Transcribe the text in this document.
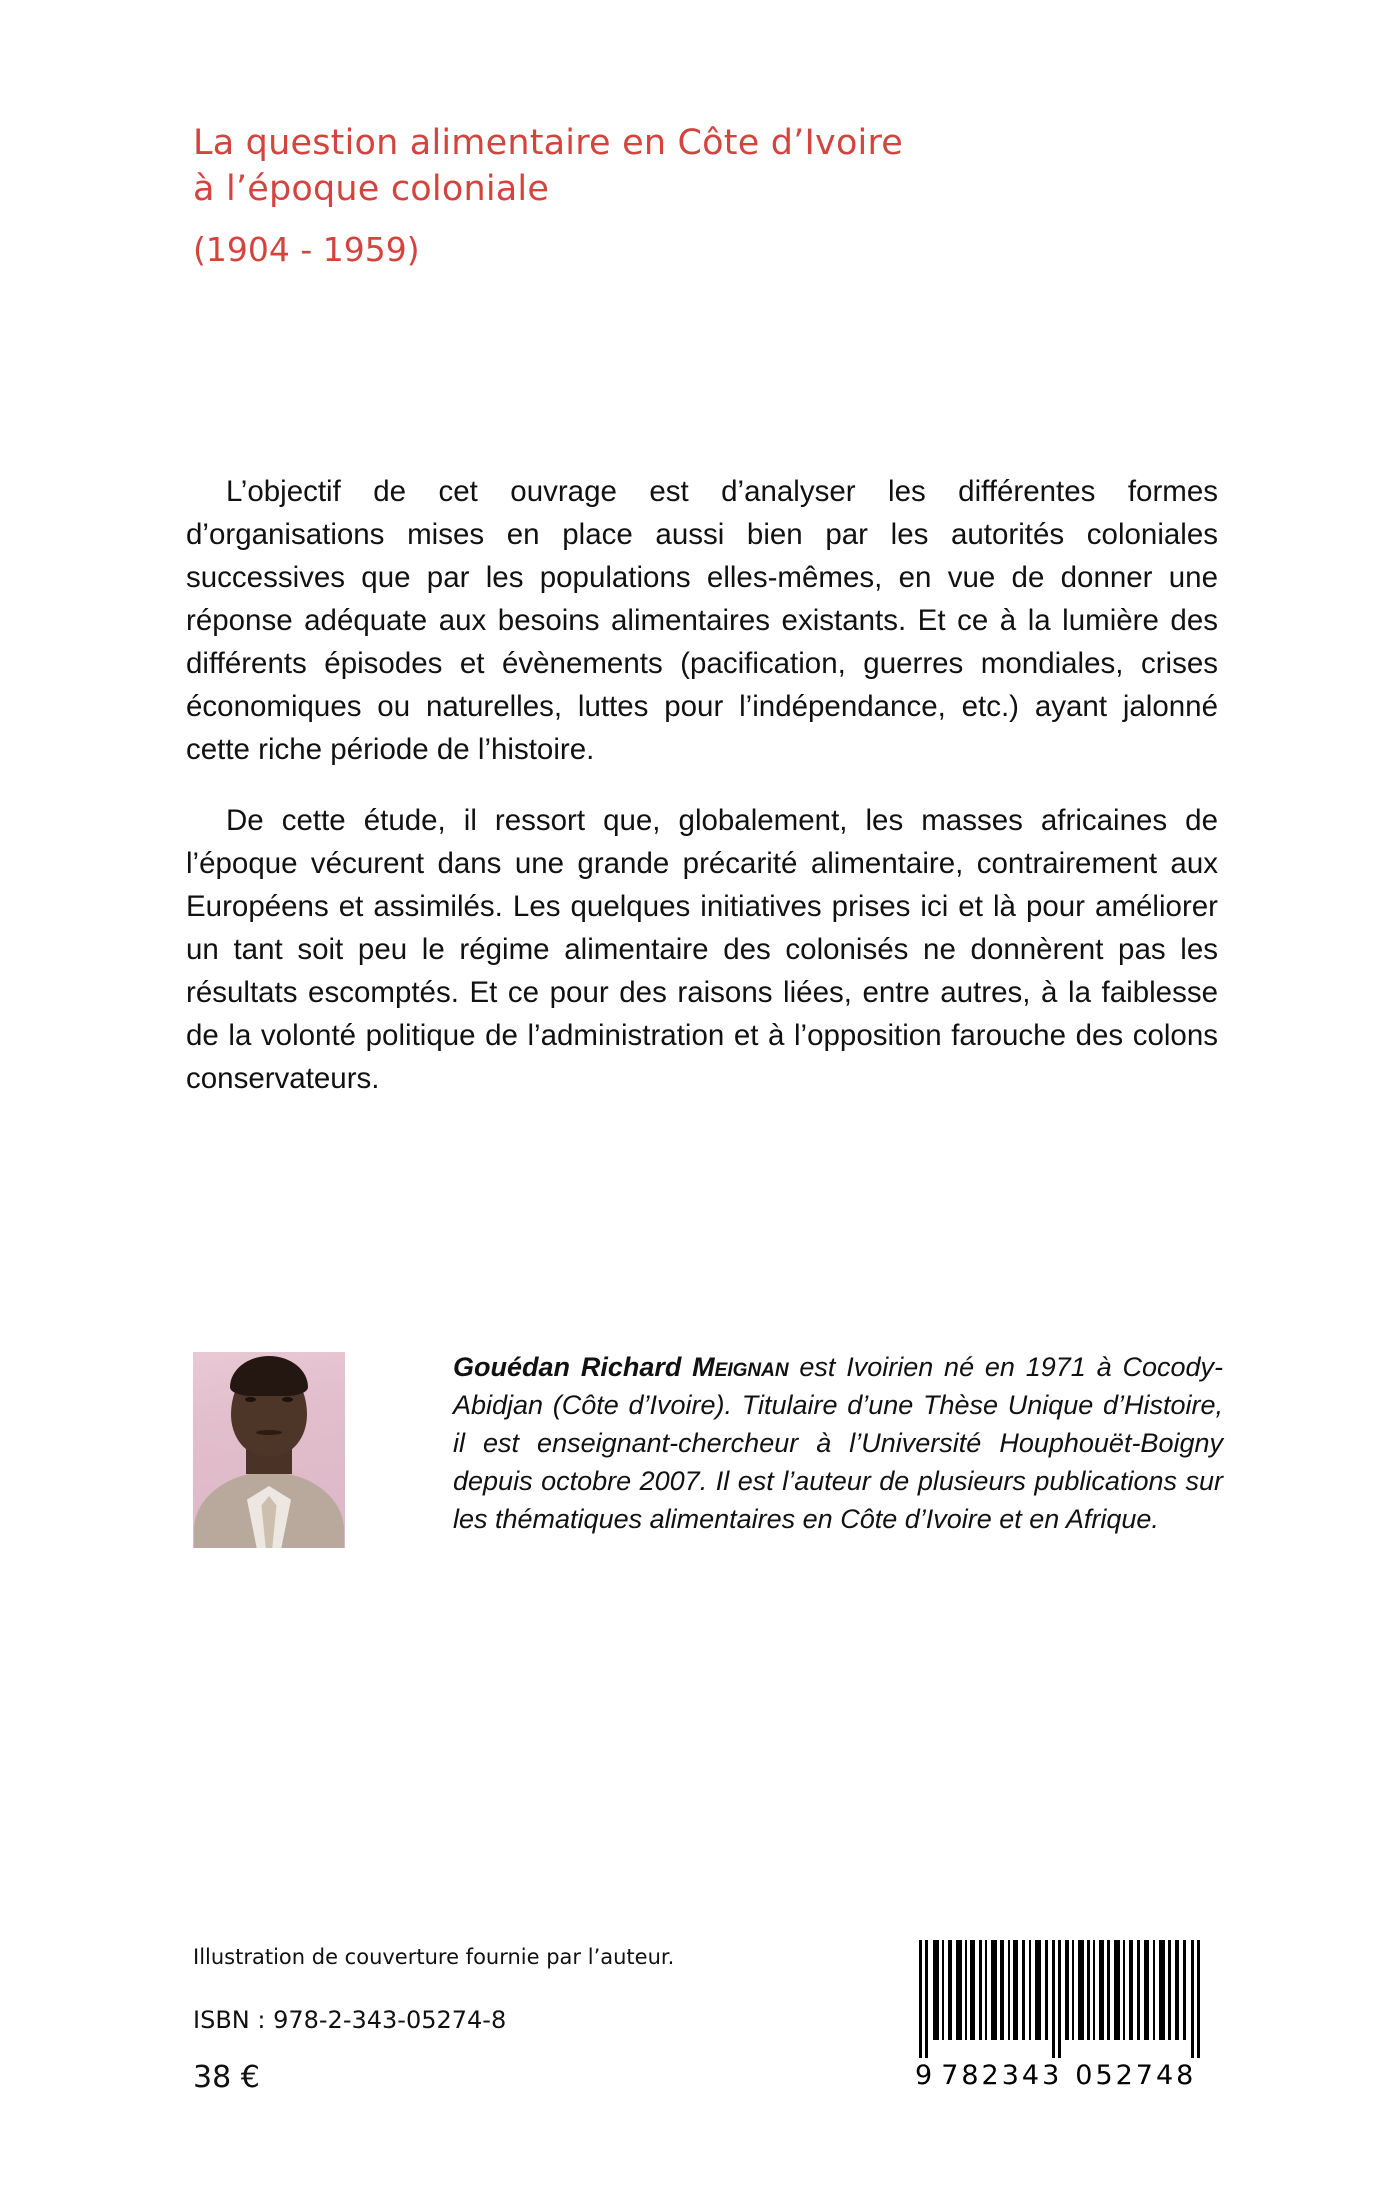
La question alimentaire en Côte d’Ivoire
à l’époque coloniale
(1904 - 1959)

L’objectif de cet ouvrage est d’analyser les différentes formes d’organisations mises en place aussi bien par les autorités coloniales successives que par les populations elles-mêmes, en vue de donner une réponse adéquate aux besoins alimentaires existants. Et ce à la lumière des différents épisodes et évènements (pacification, guerres mondiales, crises économiques ou naturelles, luttes pour l’indépendance, etc.) ayant jalonné cette riche période de l’histoire.

De cette étude, il ressort que, globalement, les masses africaines de l’époque vécurent dans une grande précarité alimentaire, contrairement aux Européens et assimilés. Les quelques initiatives prises ici et là pour améliorer un tant soit peu le régime alimentaire des colonisés ne donnèrent pas les résultats escomptés. Et ce pour des raisons liées, entre autres, à la faiblesse de la volonté politique de l’administration et à l’opposition farouche des colons conservateurs.

Gouédan Richard Meignan est Ivoirien né en 1971 à Cocody-Abidjan (Côte d’Ivoire). Titulaire d’une Thèse Unique d’Histoire, il est enseignant-chercheur à l’Université Houphouët-Boigny depuis octobre 2007. Il est l’auteur de plusieurs publications sur les thématiques alimentaires en Côte d’Ivoire et en Afrique.
Illustration de couverture fournie par l’auteur.
ISBN : 978-2-343-05274-8
38 €	9 782343 052748
